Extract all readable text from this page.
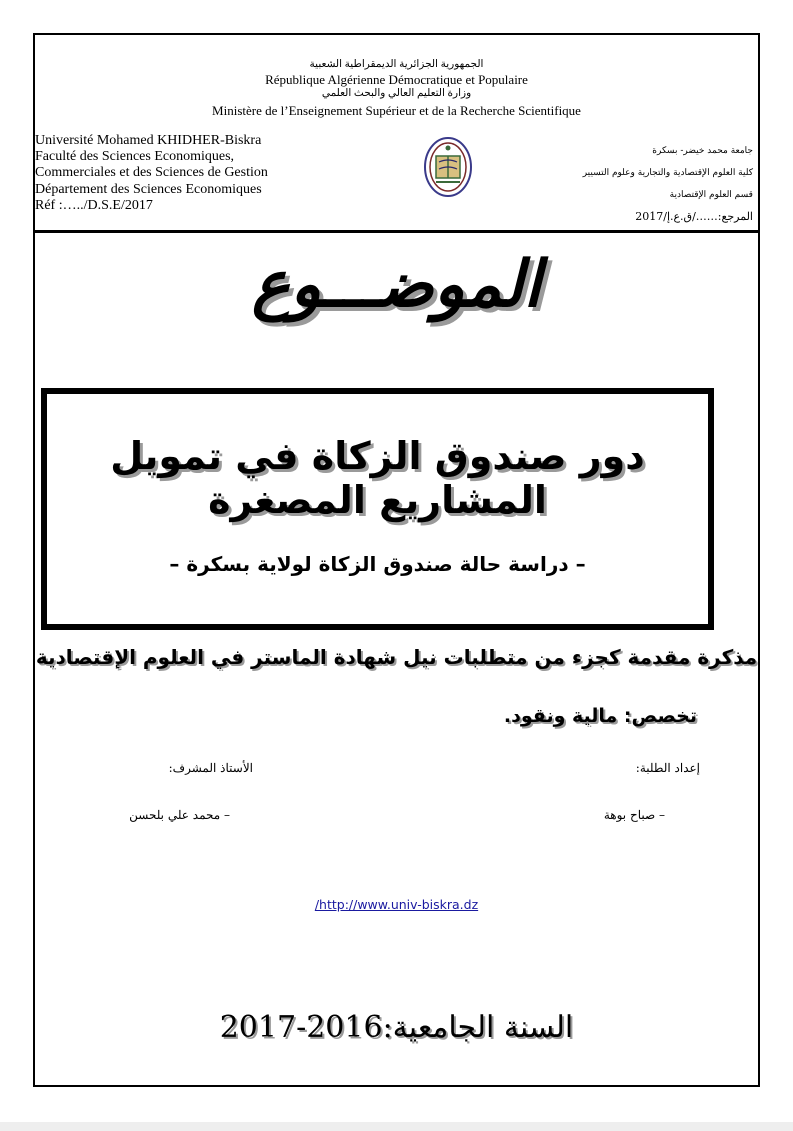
الجمهورية الجزائرية الديمقراطية الشعبية
République Algérienne Démocratique et Populaire
وزارة التعليم العالي والبحث العلمي
Ministère de l’Enseignement Supérieur et de la Recherche Scientifique
Université Mohamed KHIDHER-Biskra
Faculté des Sciences Economiques,
Commerciales et des Sciences de Gestion
Département des Sciences Economiques
Réf :…../D.S.E/2017
جامعة محمد خيضر- بسكرة
كلية العلوم الإقتصادية والتجارية وعلوم التسيير
قسم العلوم الإقتصادية
المرجع:……/ق.ع.إ/2017
الموضـــوع
دور صندوق الزكاة في تمويل المشاريع المصغرة
– دراسة حالة صندوق الزكاة لولاية بسكرة –
مذكرة مقدمة كجزء من متطلبات نيل شهادة الماستر في العلوم الإقتصادية
تخصص: مالية ونقود.
إعداد الطلبة:
الأستاذ المشرف:
– صباح بوهة
– محمد علي بلحسن
/http://www.univ-biskra.dz
السنة الجامعية:2016-2017
